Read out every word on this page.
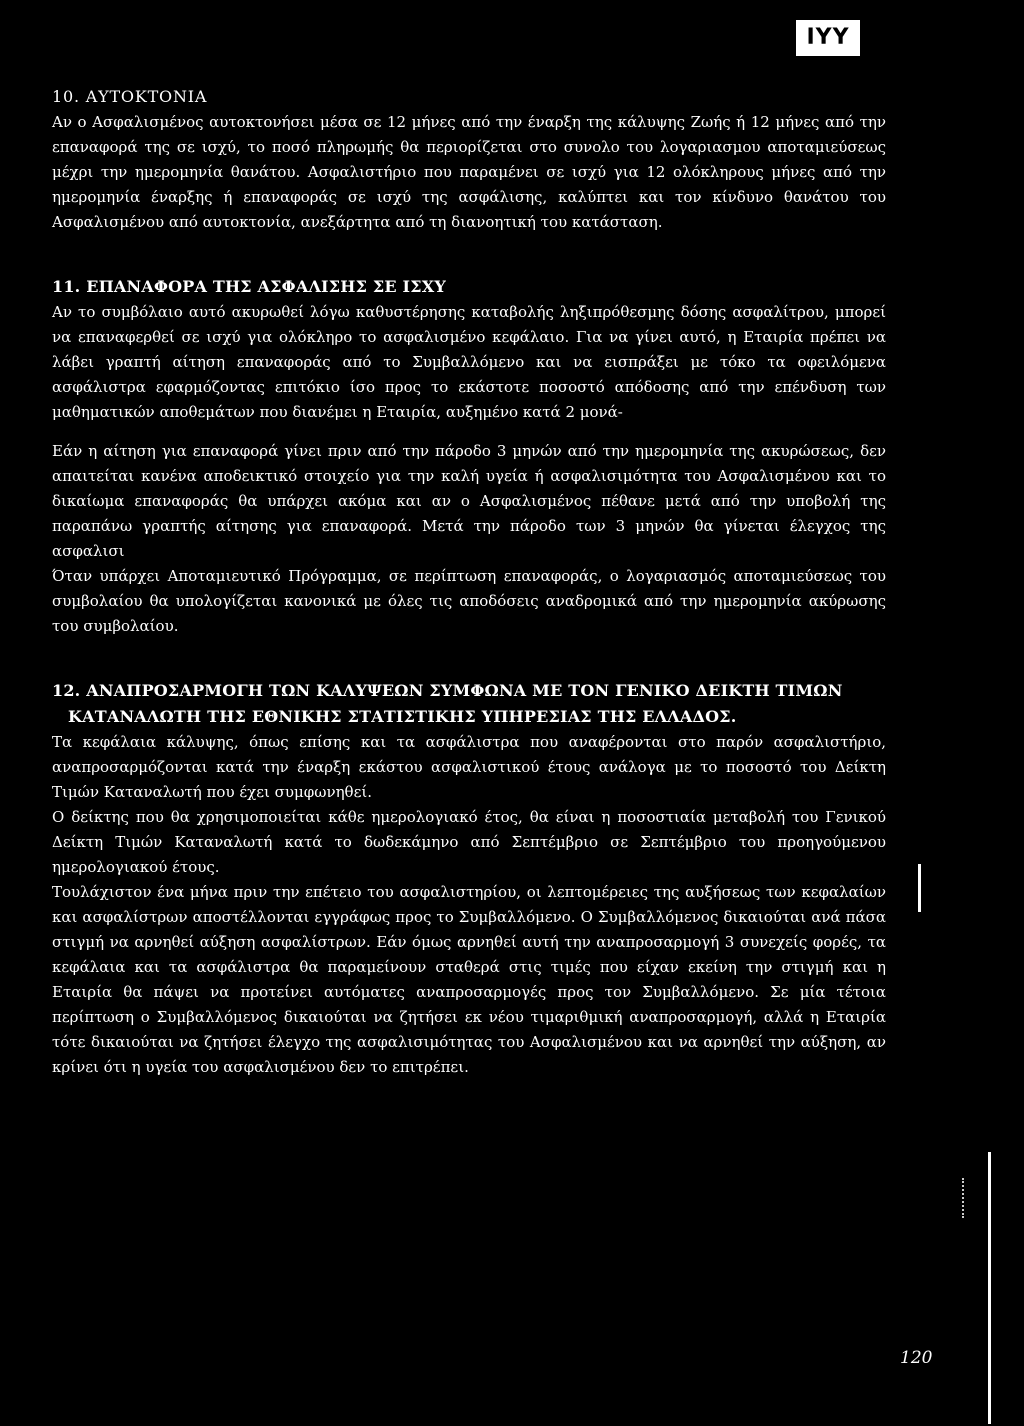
ΙΥΥ

10. ΑΥΤΟΚΤΟΝΙΑ

Αν ο Ασφαλισμένος αυτοκτονήσει μέσα σε 12 μήνες από την έναρξη της κάλυψης Ζωής ή 12 μήνες από την επαναφορά της σε ισχύ, το ποσό πληρωμής θα περιορίζεται στο συνολο του λογαριασμου αποταμιεύσεως μέχρι την ημερομηνία θανάτου. Ασφαλιστήριο που παραμένει σε ισχύ για 12 ολόκληρους μήνες από την ημερομηνία έναρξης ή επαναφοράς σε ισχύ της ασφάλισης, καλύπτει και τον κίνδυνο θανάτου του Ασφαλισμένου από αυτοκτονία, ανεξάρτητα από τη διανοητική του κατάσταση.

11. ΕΠΑΝΑΦΟΡΑ ΤΗΣ ΑΣΦΑΛΙΣΗΣ ΣΕ ΙΣΧΥ

Αν το συμβόλαιο αυτό ακυρωθεί λόγω καθυστέρησης καταβολής ληξιπρόθεσμης δόσης ασφαλίτρου, μπορεί να επαναφερθεί σε ισχύ για ολόκληρο το ασφαλισμένο κεφάλαιο. Για να γίνει αυτό, η Εταιρία πρέπει να λάβει γραπτή αίτηση επαναφοράς από το Συμβαλλόμενο και να εισπράξει με τόκο τα οφειλόμενα ασφάλιστρα εφαρμόζοντας επιτόκιο ίσο προς το εκάστοτε ποσοστό απόδοσης από την επένδυση των μαθηματικών αποθεμάτων που διανέμει η Εταιρία, αυξημένο κατά 2 μονά-

Εάν η αίτηση για επαναφορά γίνει πριν από την πάροδο 3 μηνών από την ημερομηνία της ακυρώσεως, δεν απαιτείται κανένα αποδεικτικό στοιχείο για την καλή υγεία ή ασφαλισιμότητα του Ασφαλισμένου και το δικαίωμα επαναφοράς θα υπάρχει ακόμα και αν ο Ασφαλισμένος πέθανε μετά από την υποβολή της παραπάνω γραπτής αίτησης για επαναφορά. Μετά την πάροδο των 3 μηνών θα γίνεται έλεγχος της ασφαλισι

Όταν υπάρχει Αποταμιευτικό Πρόγραμμα, σε περίπτωση επαναφοράς, ο λογαριασμός αποταμιεύσεως του συμβολαίου θα υπολογίζεται κανονικά με όλες τις αποδόσεις αναδρομικά από την ημερομηνία ακύρωσης του συμβολαίου.

12. ΑΝΑΠΡΟΣΑΡΜΟΓΗ ΤΩΝ ΚΑΛΥΨΕΩΝ ΣΥΜΦΩΝΑ ΜΕ ΤΟΝ ΓΕΝΙΚΟ ΔΕΙΚΤΗ ΤΙΜΩΝ

ΚΑΤΑΝΑΛΩΤΗ ΤΗΣ ΕΘΝΙΚΗΣ ΣΤΑΤΙΣΤΙΚΗΣ ΥΠΗΡΕΣΙΑΣ ΤΗΣ ΕΛΛΑΔΟΣ.

Τα κεφάλαια κάλυψης, όπως επίσης και τα ασφάλιστρα που αναφέρονται στο παρόν ασφαλιστήριο, αναπροσαρμόζονται κατά την έναρξη εκάστου ασφαλιστικού έτους ανάλογα με το ποσοστό του Δείκτη Τιμών Καταναλωτή που έχει συμφωνηθεί.

Ο δείκτης που θα χρησιμοποιείται κάθε ημερολογιακό έτος, θα είναι η ποσοστιαία μεταβολή του Γενικού Δείκτη Τιμών Καταναλωτή κατά το δωδεκάμηνο από Σεπτέμβριο σε Σεπτέμβριο του προηγούμενου ημερολογιακού έτους.

Τουλάχιστον ένα μήνα πριν την επέτειο του ασφαλιστηρίου, οι λεπτομέρειες της αυξήσεως των κεφαλαίων και ασφαλίστρων αποστέλλονται εγγράφως προς το Συμβαλλόμενο. Ο Συμβαλλόμενος δικαιούται ανά πάσα στιγμή να αρνηθεί αύξηση ασφαλίστρων. Εάν όμως αρνηθεί αυτή την αναπροσαρμογή 3 συνεχείς φορές, τα κεφάλαια και τα ασφάλιστρα θα παραμείνουν σταθερά στις τιμές που είχαν εκείνη την στιγμή και η Εταιρία θα πάψει να προτείνει αυτόματες αναπροσαρμογές προς τον Συμβαλλόμενο. Σε μία τέτοια περίπτωση ο Συμβαλλόμενος δικαιούται να ζητήσει εκ νέου τιμαριθμική αναπροσαρμογή, αλλά η Εταιρία τότε δικαιούται να ζητήσει έλεγχο της ασφαλισιμότητας του Ασφαλισμένου και να αρνηθεί την αύξηση, αν κρίνει ότι η υγεία του ασφαλισμένου δεν το επιτρέπει.

120
